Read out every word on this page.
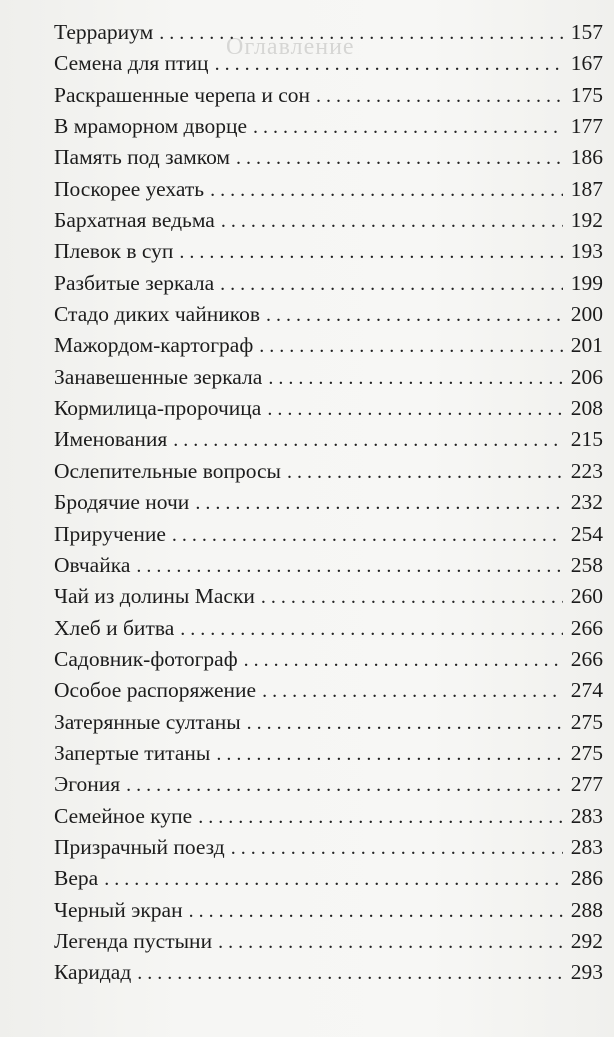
Оглавление
Террариум . . .	157
Семена для птиц . . .	167
Раскрашенные черепа и сон . . .	175
В мраморном дворце . . .	177
Память под замком . . .	186
Поскорее уехать . . .	187
Бархатная ведьма . . .	192
Плевок в суп . . .	193
Разбитые зеркала . . .	199
Стадо диких чайников . . .	200
Мажордом-картограф . . .	201
Занавешенные зеркала . . .	206
Кормилица-пророчица . . .	208
Именования . . .	215
Ослепительные вопросы . . .	223
Бродячие ночи . . .	232
Приручение . . .	254
Овчайка . . .	258
Чай из долины Маски . . .	260
Хлеб и битва . . .	266
Садовник-фотограф . . .	266
Особое распоряжение . . .	274
Затерянные султаны . . .	275
Запертые титаны . . .	275
Эгония . . .	277
Семейное купе . . .	283
Призрачный поезд . . .	283
Вера . . .	286
Черный экран . . .	288
Легенда пустыни . . .	292
Каридад . . .	293
